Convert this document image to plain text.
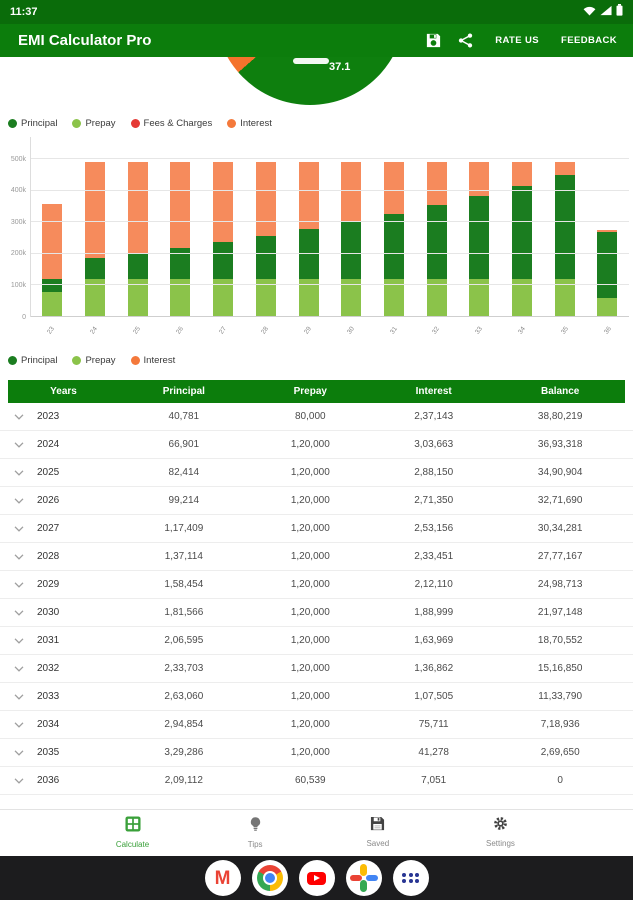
11:37
EMI Calculator Pro	RATE US FEEDBACK
37.1
Principal	Prepay	Fees & Charges	Interest
0
100k
200k
300k
400k
500k
23	24	25	26	27	28	29	30	31	32	33	34	35	36
Principal	Prepay	Interest
Years	Principal	Prepay	Interest	Balance
2023	40,781	80,000	2,37,143	38,80,219
2024	66,901	1,20,000	3,03,663	36,93,318
2025	82,414	1,20,000	2,88,150	34,90,904
2026	99,214	1,20,000	2,71,350	32,71,690
2027	1,17,409	1,20,000	2,53,156	30,34,281
2028	1,37,114	1,20,000	2,33,451	27,77,167
2029	1,58,454	1,20,000	2,12,110	24,98,713
2030	1,81,566	1,20,000	1,88,999	21,97,148
2031	2,06,595	1,20,000	1,63,969	18,70,552
2032	2,33,703	1,20,000	1,36,862	15,16,850
2033	2,63,060	1,20,000	1,07,505	11,33,790
2034	2,94,854	1,20,000	75,711	7,18,936
2035	3,29,286	1,20,000	41,278	2,69,650
2036	2,09,112	60,539	7,051	0
Calculate	Tips	Saved	Settings
M
